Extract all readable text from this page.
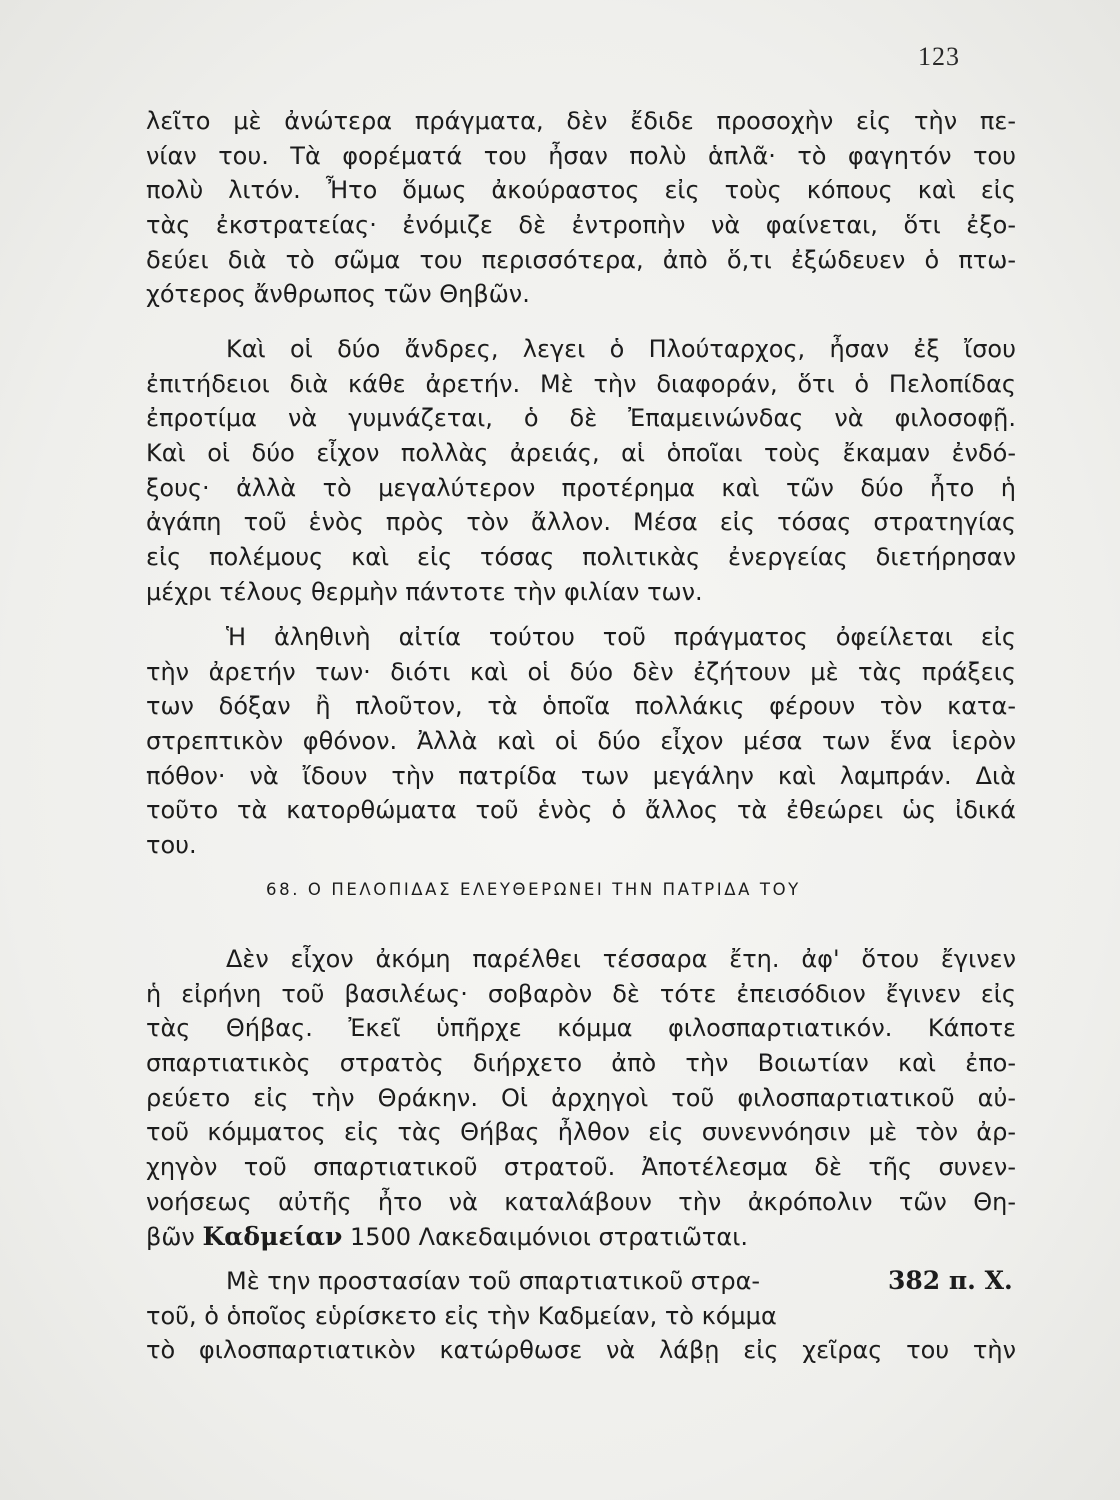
123
λεῖτο μὲ ἀνώτερα πράγματα, δὲν ἔδιδε προσοχὴν εἰς τὴν πε-
νίαν του. Τὰ φορέματά του ἦσαν πολὺ ἁπλᾶ· τὸ φαγητόν του
πολὺ λιτόν. Ἦτο ὅμως ἀκούραστος εἰς τοὺς κόπους καὶ εἰς
τὰς ἐκστρατείας· ἐνόμιζε δὲ ἐντροπὴν νὰ φαίνεται, ὅτι ἐξο-
δεύει διὰ τὸ σῶμα του περισσότερα, ἀπὸ ὅ,τι ἐξώδευεν ὁ πτω-
χότερος ἄνθρωπος τῶν Θηβῶν.
Καὶ οἱ δύο ἄνδρες, λεγει ὁ Πλούταρχος, ἦσαν ἐξ ἴσου
ἐπιτήδειοι διὰ κάθε ἀρετήν. Μὲ τὴν διαφοράν, ὅτι ὁ Πελοπίδας
ἐπροτίμα νὰ γυμνάζεται, ὁ δὲ Ἐπαμεινώνδας νὰ φιλοσοφῇ.
Καὶ οἱ δύο εἶχον πολλὰς ἀρειάς, αἱ ὁποῖαι τοὺς ἔκαμαν ἐνδό-
ξους· ἀλλὰ τὸ μεγαλύτερον προτέρημα καὶ τῶν δύο ἦτο ἡ
ἀγάπη τοῦ ἑνὸς πρὸς τὸν ἄλλον. Μέσα εἰς τόσας στρατηγίας
εἰς πολέμους καὶ εἰς τόσας πολιτικὰς ἐνεργείας διετήρησαν
μέχρι τέλους θερμὴν πάντοτε τὴν φιλίαν των.
Ἡ ἀληθινὴ αἰτία τούτου τοῦ πράγματος ὀφείλεται εἰς
τὴν ἀρετήν των· διότι καὶ οἱ δύο δὲν ἐζήτουν μὲ τὰς πράξεις
των δόξαν ἢ πλοῦτον, τὰ ὁποῖα πολλάκις φέρουν τὸν κατα-
στρεπτικὸν φθόνον. Ἀλλὰ καὶ οἱ δύο εἶχον μέσα των ἕνα ἱερὸν
πόθον· νὰ ἴδουν τὴν πατρίδα των μεγάλην καὶ λαμπράν. Διὰ
τοῦτο τὰ κατορθώματα τοῦ ἑνὸς ὁ ἄλλος τὰ ἐθεώρει ὡς ἰδικά
του.
68. Ο ΠΕΛΟΠΙΔΑΣ ΕΛΕΥΘΕΡΩΝΕΙ ΤΗΝ ΠΑΤΡΙΔΑ ΤΟΥ
Δὲν εἶχον ἀκόμη παρέλθει τέσσαρα ἔτη. ἀφ' ὅτου ἔγινεν
ἡ εἰρήνη τοῦ βασιλέως· σοβαρὸν δὲ τότε ἐπεισόδιον ἔγινεν εἰς
τὰς Θήβας. Ἐκεῖ ὑπῆρχε κόμμα φιλοσπαρτιατικόν. Κάποτε
σπαρτιατικὸς στρατὸς διήρχετο ἀπὸ τὴν Βοιωτίαν καὶ ἐπο-
ρεύετο εἰς τὴν Θράκην. Οἱ ἀρχηγοὶ τοῦ φιλοσπαρτιατικοῦ αὐ-
τοῦ κόμματος εἰς τὰς Θήβας ἦλθον εἰς συνεννόησιν μὲ τὸν ἀρ-
χηγὸν τοῦ σπαρτιατικοῦ στρατοῦ. Ἀποτέλεσμα δὲ τῆς συνεν-
νοήσεως αὐτῆς ἦτο νὰ καταλάβουν τὴν ἀκρόπολιν τῶν Θη-
βῶν Καδμείαν 1500 Λακεδαιμόνιοι στρατιῶται.
Μὲ την προστασίαν τοῦ σπαρτιατικοῦ στρα-
τοῦ, ὁ ὁποῖος εὑρίσκετο εἰς τὴν Καδμείαν, τὸ κόμμα
τὸ φιλοσπαρτιατικὸν κατώρθωσε νὰ λάβῃ εἰς χεῖρας του τὴν
382 π. Χ.
